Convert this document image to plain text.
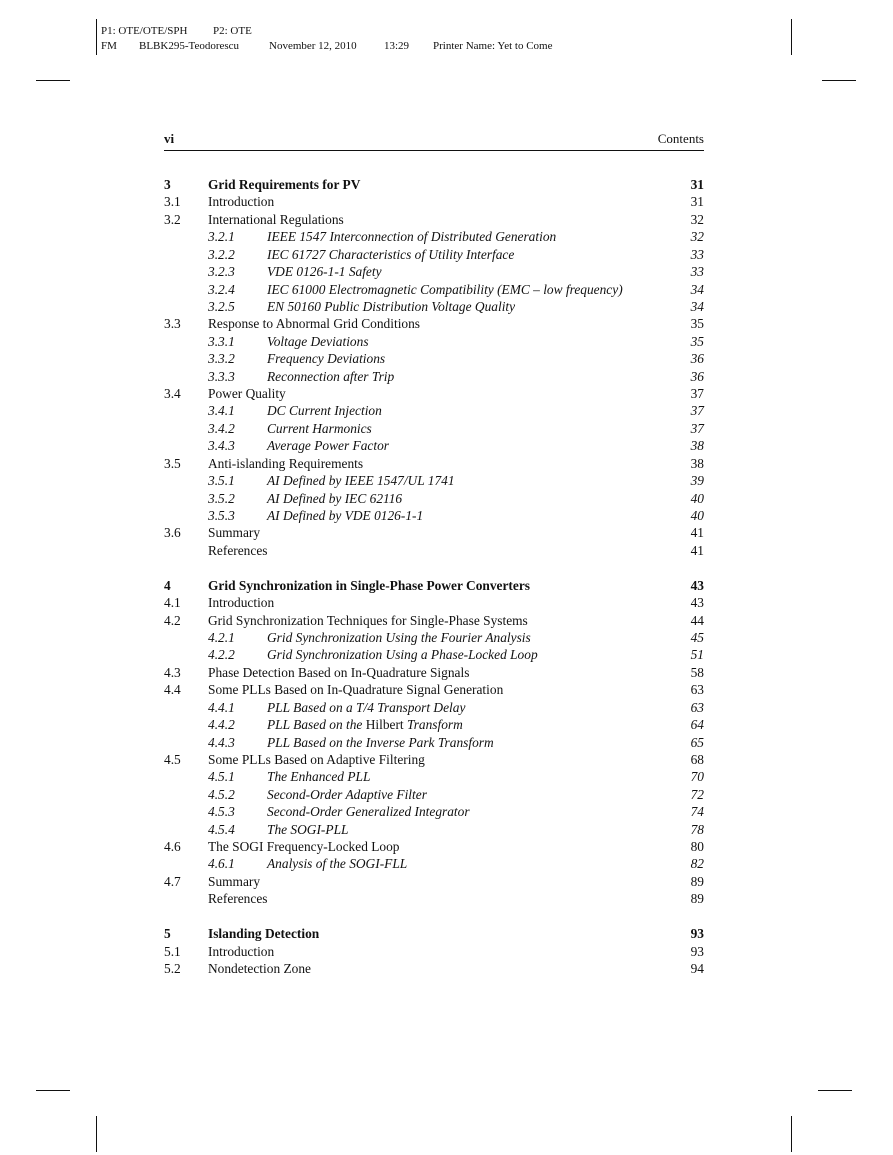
P1: OTE/OTE/SPH P2: OTE
FM BLBK295-Teodorescu	November 12, 2010 13:29 Printer Name: Yet to Come
vi	Contents
3	Grid Requirements for PV	31
3.1 Introduction	31
3.2 International Regulations	32
3.2.1 IEEE 1547 Interconnection of Distributed Generation	32
3.2.2 IEC 61727 Characteristics of Utility Interface	33
3.2.3 VDE 0126-1-1 Safety	33
3.2.4 IEC 61000 Electromagnetic Compatibility (EMC – low frequency)	34
3.2.5 EN 50160 Public Distribution Voltage Quality	34
3.3 Response to Abnormal Grid Conditions	35
3.3.1 Voltage Deviations	35
3.3.2 Frequency Deviations	36
3.3.3 Reconnection after Trip	36
3.4 Power Quality	37
3.4.1 DC Current Injection	37
3.4.2 Current Harmonics	37
3.4.3 Average Power Factor	38
3.5 Anti-islanding Requirements	38
3.5.1 AI Defined by IEEE 1547/UL 1741	39
3.5.2 AI Defined by IEC 62116	40
3.5.3 AI Defined by VDE 0126-1-1	40
3.6 Summary	41
References	41
4	Grid Synchronization in Single-Phase Power Converters	43
4.1 Introduction	43
4.2 Grid Synchronization Techniques for Single-Phase Systems	44
4.2.1 Grid Synchronization Using the Fourier Analysis	45
4.2.2 Grid Synchronization Using a Phase-Locked Loop	51
4.3 Phase Detection Based on In-Quadrature Signals	58
4.4 Some PLLs Based on In-Quadrature Signal Generation	63
4.4.1 PLL Based on a T/4 Transport Delay	63
4.4.2 PLL Based on the Hilbert Transform	64
4.4.3 PLL Based on the Inverse Park Transform	65
4.5 Some PLLs Based on Adaptive Filtering	68
4.5.1 The Enhanced PLL	70
4.5.2 Second-Order Adaptive Filter	72
4.5.3 Second-Order Generalized Integrator	74
4.5.4 The SOGI-PLL	78
4.6 The SOGI Frequency-Locked Loop	80
4.6.1 Analysis of the SOGI-FLL	82
4.7 Summary	89
References	89
5	Islanding Detection	93
5.1 Introduction	93
5.2 Nondetection Zone	94
